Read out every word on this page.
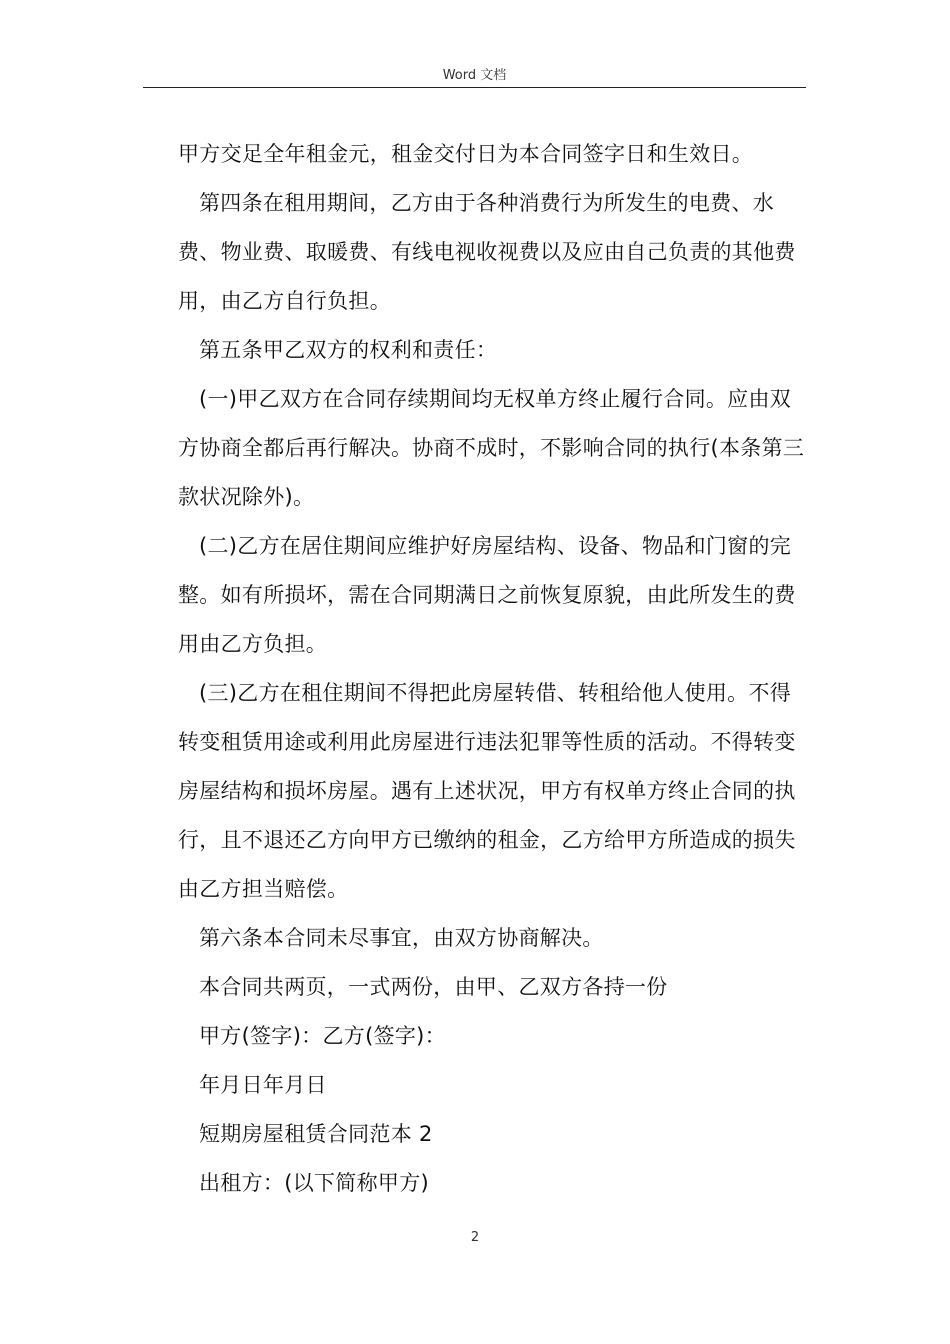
Word 文档

甲方交足全年租金元，租金交付日为本合同签字日和生效日。

第四条在租用期间，乙方由于各种消费行为所发生的电费、水费、物业费、取暖费、有线电视收视费以及应由自己负责的其他费用，由乙方自行负担。

第五条甲乙双方的权利和责任：

(一)甲乙双方在合同存续期间均无权单方终止履行合同。应由双方协商全都后再行解决。协商不成时，不影响合同的执行(本条第三款状况除外)。

(二)乙方在居住期间应维护好房屋结构、设备、物品和门窗的完整。如有所损坏，需在合同期满日之前恢复原貌，由此所发生的费用由乙方负担。

(三)乙方在租住期间不得把此房屋转借、转租给他人使用。不得转变租赁用途或利用此房屋进行违法犯罪等性质的活动。不得转变房屋结构和损坏房屋。遇有上述状况，甲方有权单方终止合同的执行，且不退还乙方向甲方已缴纳的租金，乙方给甲方所造成的损失由乙方担当赔偿。

第六条本合同未尽事宜，由双方协商解决。

本合同共两页，一式两份，由甲、乙双方各持一份

甲方(签字)：乙方(签字)：

年月日年月日

短期房屋租赁合同范本 2

出租方：(以下简称甲方)

2
